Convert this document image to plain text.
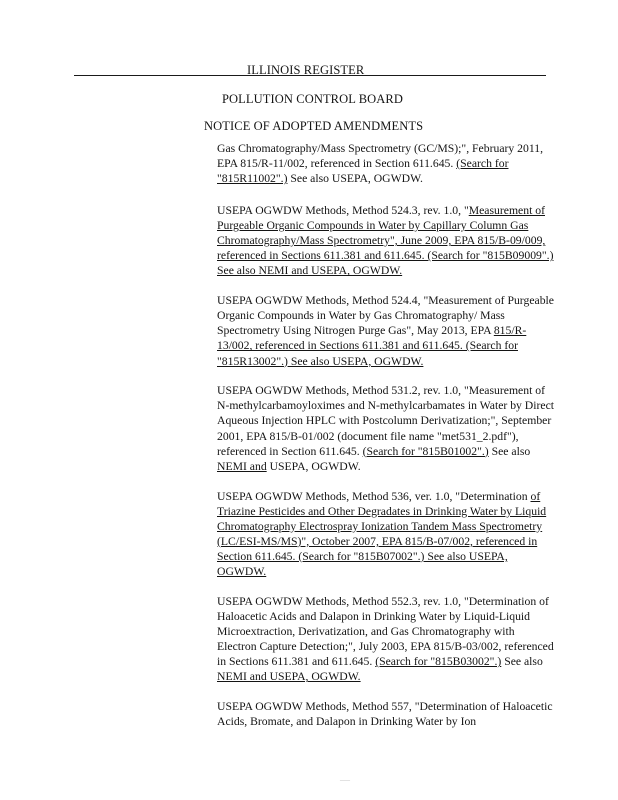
ILLINOIS REGISTER
POLLUTION CONTROL BOARD
NOTICE OF ADOPTED AMENDMENTS

Gas Chromatography/Mass Spectrometry (GC/MS);", February 2011, EPA 815/R-11/002, referenced in Section 611.645. (Search for "815R11002".) See also USEPA, OGWDW.

USEPA OGWDW Methods, Method 524.3, rev. 1.0, "Measurement of Purgeable Organic Compounds in Water by Capillary Column Gas Chromatography/Mass Spectrometry", June 2009, EPA 815/B-09/009, referenced in Sections 611.381 and 611.645. (Search for "815B09009".) See also NEMI and USEPA, OGWDW.

USEPA OGWDW Methods, Method 524.4, "Measurement of Purgeable Organic Compounds in Water by Gas Chromatography/ Mass Spectrometry Using Nitrogen Purge Gas", May 2013, EPA 815/R-13/002, referenced in Sections 611.381 and 611.645. (Search for "815R13002".) See also USEPA, OGWDW.

USEPA OGWDW Methods, Method 531.2, rev. 1.0, "Measurement of N-methylcarbamoyloximes and N-methylcarbamates in Water by Direct Aqueous Injection HPLC with Postcolumn Derivatization;", September 2001, EPA 815/B-01/002 (document file name "met531_2.pdf"), referenced in Section 611.645. (Search for "815B01002".) See also NEMI and USEPA, OGWDW.

USEPA OGWDW Methods, Method 536, ver. 1.0, "Determination of Triazine Pesticides and Other Degradates in Drinking Water by Liquid Chromatography Electrospray Ionization Tandem Mass Spectrometry (LC/ESI-MS/MS)", October 2007, EPA 815/B-07/002, referenced in Section 611.645. (Search for "815B07002".) See also USEPA, OGWDW.

USEPA OGWDW Methods, Method 552.3, rev. 1.0, "Determination of Haloacetic Acids and Dalapon in Drinking Water by Liquid-Liquid Microextraction, Derivatization, and Gas Chromatography with Electron Capture Detection;", July 2003, EPA 815/B-03/002, referenced in Sections 611.381 and 611.645. (Search for "815B03002".) See also NEMI and USEPA, OGWDW.

USEPA OGWDW Methods, Method 557, "Determination of Haloacetic Acids, Bromate, and Dalapon in Drinking Water by Ion

—
